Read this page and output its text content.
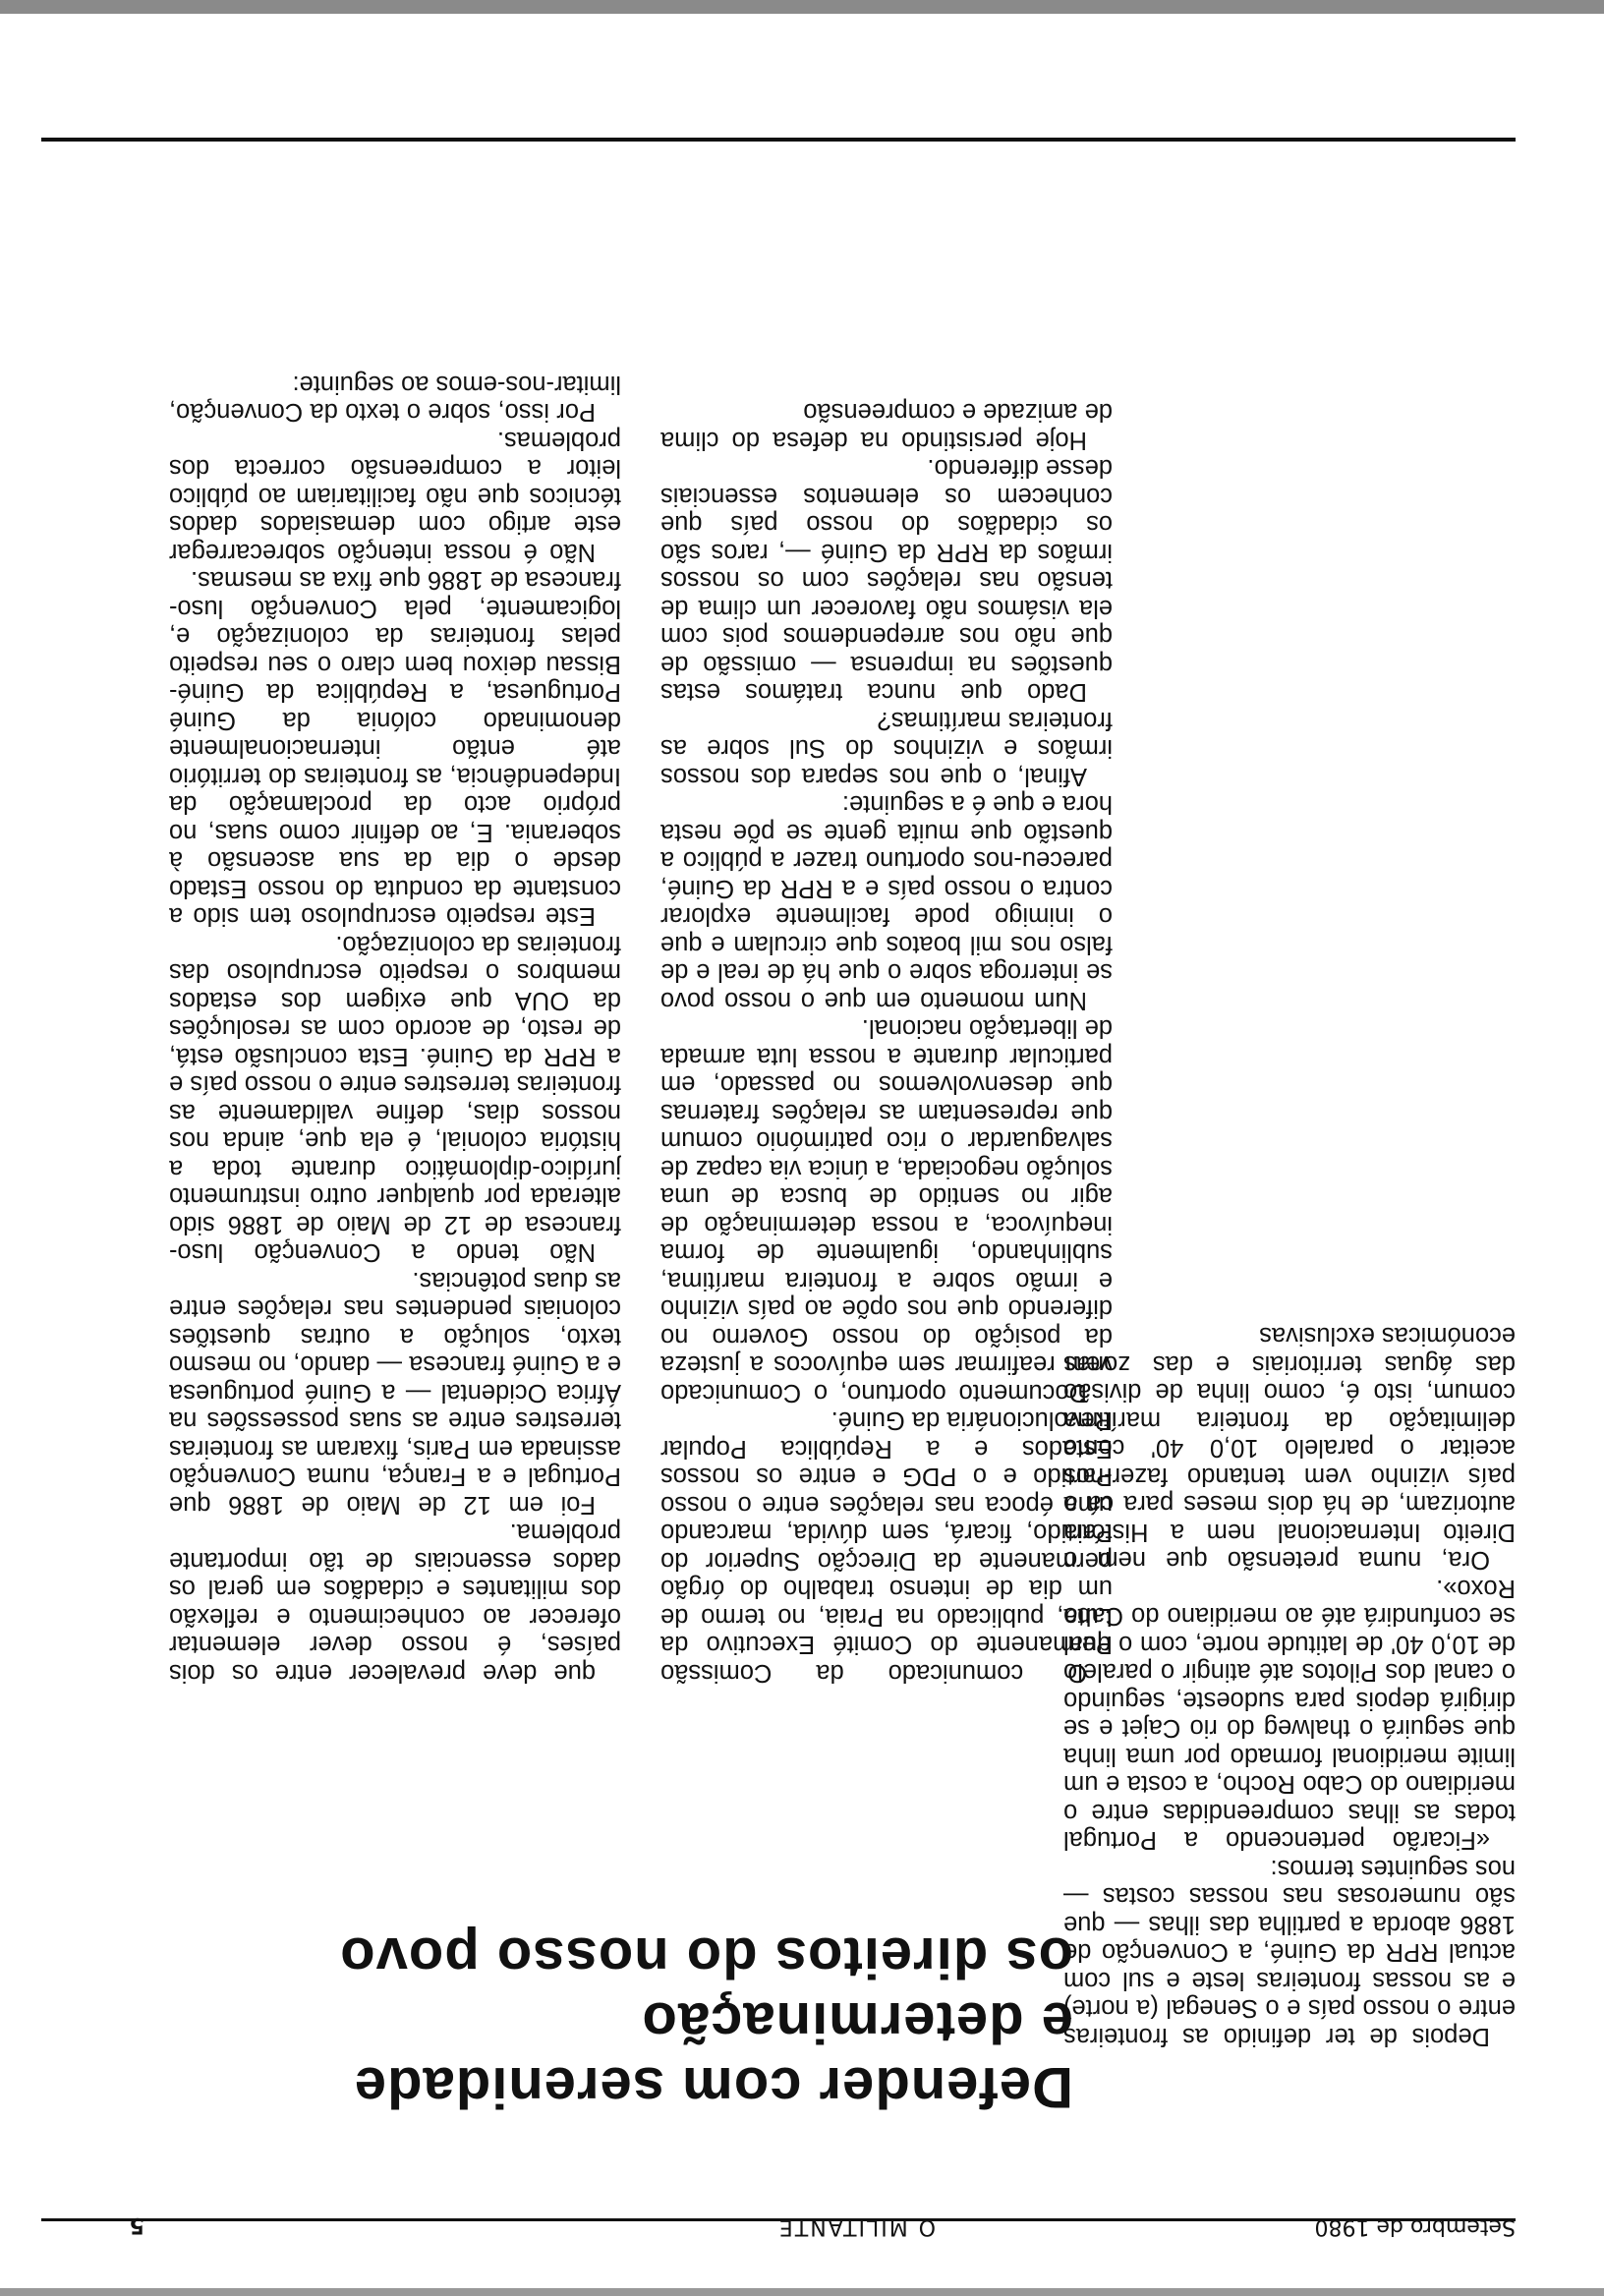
5	O MILITANTE	Setembro de 1980
Defender com serenidade
e determinação
os direitos do nosso povo

O comunicado da Comissão Permanente do Comité Executivo da Luta, publicado na Praia, no termo de um dia de intenso trabalho do órgão permanente da Direcção Superior do Partido, ficará, sem dúvida, marcando uma época nas relações entre o nosso Partido e o PDG e entre os nossos Estados e a República Popular Revolucionária da Guiné.

Documento oportuno, o Comunicado vem reafirmar sem equívocos a justeza da posição do nosso Governo no diferendo que nos opõe ao país vizinho e irmão sobre a fronteira marítima, sublinhando, igualmente de forma inequívoca, a nossa determinação de agir no sentido de busca de uma solução negociada, a única via capaz de salvaguardar o rico património comum que representam as relações fraternas que desenvolvemos no passado, em particular durante a nossa luta armada de libertação nacional.

Num momento em que o nosso povo se interroga sobre o que há de real e de falso nos mil boatos que circulam e que o inimigo pode facilmente explorar contra o nosso país e a RPR da Guiné, pareceu-nos oportuno trazer a público a questão que muita gente se põe nesta hora e que é a seguinte:

Afinal, o que nos separa dos nossos irmãos e vizinhos do Sul sobre as fronteiras marítimas?

Dado que nunca tratámos estas questões na imprensa — omissão de que não nos arrependemos pois com ela visámos não favorecer um clima de tensão nas relações com os nossos irmãos da RPR da Guiné —, raros são os cidadãos do nosso país que conhecem os elementos essenciais desse diferendo.

Hoje persistindo na defesa do clima de amizade e compreensão

que deve prevalecer entre os dois países, é nosso dever elementar oferecer ao conhecimento e reflexão dos militantes e cidadãos em geral os dados essenciais de tão importante problema.

Foi em 12 de Maio de 1886 que Portugal e a França, numa Convenção assinada em Paris, fixaram as fronteiras terrestres entre as suas possessões na África Ocidental — a Guiné portuguesa e a Guiné francesa — dando, no mesmo texto, solução a outras questões coloniais pendentes nas relações entre as duas potências.

Não tendo a Convenção luso-francesa de 12 de Maio de 1886 sido alterada por qualquer outro instrumento jurídico-diplomático durante toda a história colonial, é ela que, ainda nos nossos dias, define validamente as fronteiras terrestres entre o nosso país e a RPR da Guiné. Esta conclusão está, de resto, de acordo com as resoluções da OUA que exigem dos estados membros o respeito escrupuloso das fronteiras da colonização.

Este respeito escrupuloso tem sido a constante da conduta do nosso Estado desde o dia da sua ascensão à soberania. E, ao definir como suas, no próprio acto da proclamação da Independência, as fronteiras do território até então internacionalmente denominado colónia da Guiné Portuguesa, a República da Guiné-Bissau deixou bem claro o seu respeito pelas fronteiras da colonização e, logicamente, pela Convenção luso-francesa de 1886 que fixa as mesmas.

Não é nossa intenção sobrecarregar este artigo com demasiados dados técnicos que não facilitariam ao público leitor a compreensão correcta dos problemas.

Por isso, sobre o texto da Convenção, limitar-nos-emos ao seguinte:

Depois de ter definido as fronteiras entre o nosso país e o Senegal (a norte) e as nossas fronteiras leste e sul com actual RPR da Guiné, a Convenção de 1886 aborda a partilha das ilhas — que são numerosas nas nossas costas — nos seguintes termos:

«Ficarão pertencendo a Portugal todas as ilhas compreendidas entre o meridiano do Cabo Rocho, a costa e um limite meridional formado por uma linha que seguirá o thalweg do rio Cajet e se dirigirá depois para sudoeste, seguindo o canal dos Pilotos até atingir o paralelo de 10,0 40' de latitude norte, com o qual se confundirá até ao meridiano do Cabo Roxo».

Ora, numa pretensão que nem o Direito Internacional nem a História autorizam, de há dois meses para cá o país vizinho vem tentando fazer-nos aceitar o paralelo 10,0 40' como delimitação da fronteira marítima comum, isto é, como linha de divisão das águas territoriais e das zonas económicas exclusivas
